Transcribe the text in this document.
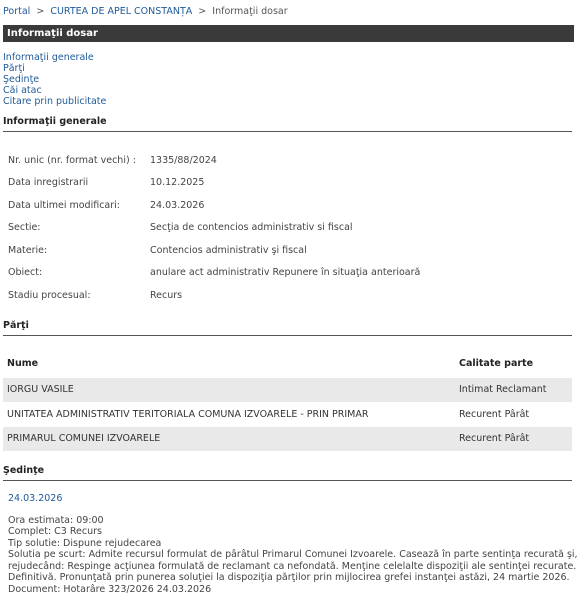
Portal > CURTEA DE APEL CONSTANȚA > Informaţii dosar
Informaţii dosar
Informaţii generale
Părţi
Şedinţe
Căi atac
Citare prin publicitate
Informaţii generale
Nr. unic (nr. format vechi) :	1335/88/2024
Data inregistrarii	10.12.2025
Data ultimei modificari:	24.03.2026
Sectie:	Secţia de contencios administrativ si fiscal
Materie:	Contencios administrativ şi fiscal
Obiect:	anulare act administrativ Repunere în situaţia anterioară
Stadiu procesual:	Recurs
Părţi
Nume	Calitate parte
IORGU VASILE	Intimat Reclamant
UNITATEA ADMINISTRATIV TERITORIALA COMUNA IZVOARELE - PRIN PRIMAR	Recurent Pârât
PRIMARUL COMUNEI IZVOARELE	Recurent Pârât
Şedinţe
24.03.2026
Ora estimata: 09:00
Complet: C3 Recurs
Tip solutie: Dispune rejudecarea
Solutia pe scurt: Admite recursul formulat de pârâtul Primarul Comunei Izvoarele. Casează în parte sentinţa recurată şi,
rejudecând: Respinge acţiunea formulată de reclamant ca nefondată. Menţine celelalte dispoziţii ale sentinţei recurate.
Definitivă. Pronunţată prin punerea soluţiei la dispoziţia părţilor prin mijlocirea grefei instanţei astăzi, 24 martie 2026.
Document: Hotarâre 323/2026 24.03.2026
